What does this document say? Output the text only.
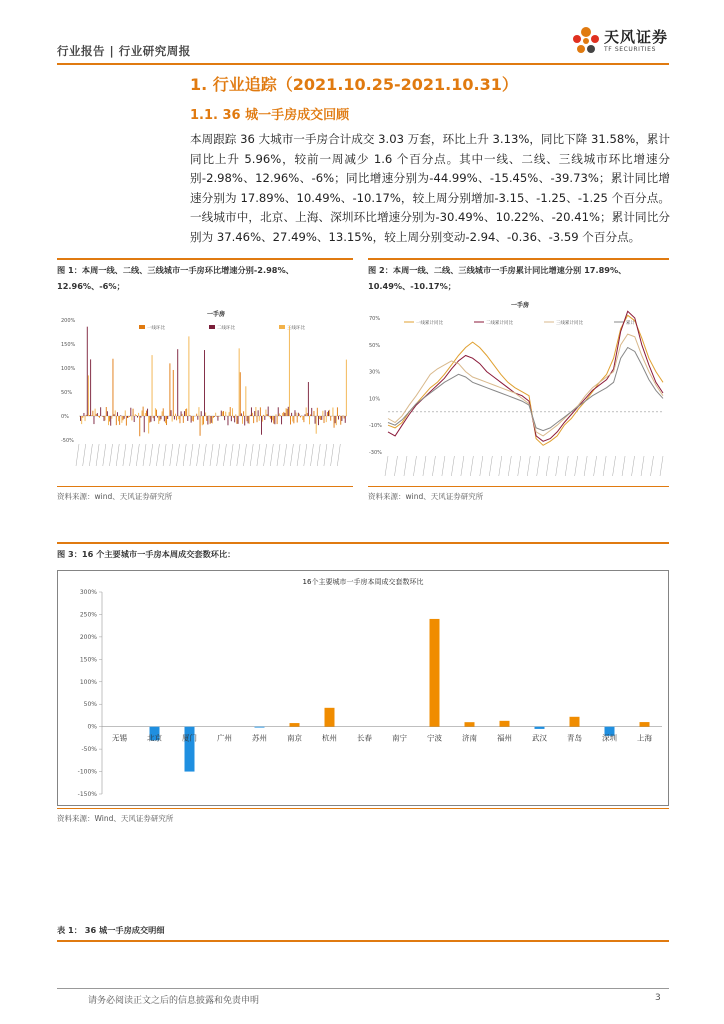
行业报告 | 行业研究周报
天风证券
TF SECURITIES
1. 行业追踪（2021.10.25-2021.10.31）
1.1. 36 城一手房成交回顾
本周跟踪 36 大城市一手房合计成交 3.03 万套，环比上升 3.13%，同比下降 31.58%，累计同比上升 5.96%，较前一周减少 1.6 个百分点。其中一线、二线、三线城市环比增速分别-2.98%、12.96%、-6%；同比增速分别为-44.99%、-15.45%、-39.73%；累计同比增速分别为 17.89%、10.49%、-10.17%，较上周分别增加-3.15、-1.25、-1.25 个百分点。一线城市中，北京、上海、深圳环比增速分别为-30.49%、10.22%、-20.41%；累计同比分别为 37.46%、27.49%、13.15%，较上周分别变动-2.94、-0.36、-3.59 个百分点。
图 1：本周一线、二线、三线城市一手房环比增速分别-2.98%、12.96%、-6%；
200%
150%
100%
50%
0%
-50%
一手房
一线环比	二线环比	三线环比
资料来源：wind、天风证券研究所
图 2：本周一线、二线、三线城市一手房累计同比增速分别 17.89%、10.49%、-10.17%；
70%
50%
30%
10%
-10%
-30%
一手房
一线累计同比	二线累计同比	三线累计同比	累计
资料来源：wind、天风证券研究所
图 3：16 个主要城市一手房本周成交套数环比：
16个主要城市一手房本周成交套数环比
300%
250%
200%
150%
100%
50%
0%
-50%
-100%
-150%
无锡	北京	厦门	广州	苏州	南京	杭州	长春	南宁	宁波	济南	福州	武汉	青岛	深圳	上海
资料来源：Wind、天风证券研究所
表 1： 36 城一手房成交明细
请务必阅读正文之后的信息披露和免责申明	3
